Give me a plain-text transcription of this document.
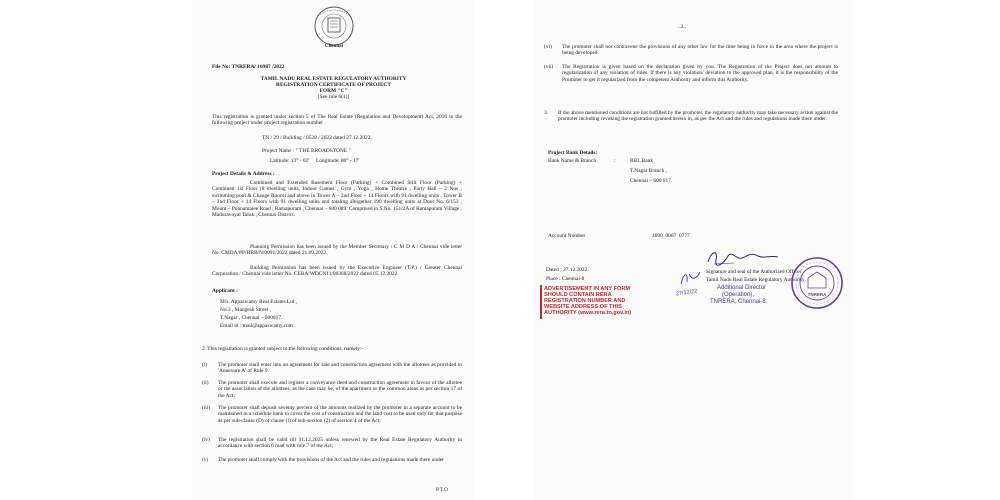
Chennai
File No: TNRERA/ 16987 /2022
TAMIL NADU REAL ESTATE REGULATORY AUTHORITY
REGISTRATION CERTIFICATE OF PROJECT
FORM "C"
[See rule 6(1)]
This registration is granted under section 5 of The Real Estate (Regulation and Development) Act, 2016 to the following project under project registration number
TN / 29 / Building / 0528 / 2022 dated 27.12.2022.
Project Name : " THE BROADSTONE "
Latitude: 13° - 02'     Longitude: 80° - 17'
Project Details & Address :
Combined and Extended Basement Floor (Parking) + Combined Stilt Floor (Parking) + Combined 1st Floor (8 dwelling units, Indoor Games , Gym , Yoga , Home Theatre , Party Hall – 2 Nos , swimming pool & Change Room) and above in Tower A – 2nd Floor + 14 Floors with 91 dwelling units , Tower B – 2nd Floor + 14 Floors with 91 dwelling units and totaling altogether 190 dwelling units at Door No. 6/153 , Mount – Poonamalee Road , Ramapuram , Chennai – 600 089. Comprised in S.No. 151/2A of Ramapuram Village , Maduravoyal Taluk , Chennai District.
Planning Permission has been issued by the Member Secretary / C M D A / Chennai vide letter No. CMDA/PP/HRB/N/0091/2022 dated 21.09.2022.
Building Permission has been issued by the Executive Engineer (T.P.) / Greater Chennai Corporation / Chennai vide letter No. CEBA/WDCN11/00368/2022 dated 05.12.2022.
Applicant :
M/s. Appaswamy Real Estates Ltd ,
No.3 , Mangesh Street ,
T.Nagar , Chennai – 600017.
Email id : mail@appaswamy.com
2. This registration is granted subject to the following conditions, namely:-
(i)	The promoter shall enter into an agreement for sale and construction agreement with the allottees as provided in 'Annexure A' of Rule 9.
(ii)	The promoter shall execute and register a conveyance deed and construction agreement in favour of the allottee or the association of the allottees, as the case may be, of the apartment or the common areas as per section 17 of the Act;
(iii)	The promoter shall deposit seventy percent of the amounts realized by the promoter in a separate account to be maintained in a schedule bank to cover the cost of construction and the land cost to be used only for that purpose as per sub-clause (D) of clause (l) of sub-section (2) of section 4 of the Act;
(iv)	The registration shall be valid till 31.12.2025 unless renewed by the Real Estate Regulatory Authority in accordance with section 6 read with rule 7 of the Act;
(v)	The promoter shall comply with the provisions of the Act and the rules and regulations made there under
P.T.O
..2..
(vi)	The promoter shall not contravene the provisions of any other law for the time being in force in the area where the project is being developed.
(vii)	The Registration is given based on the declaration given by you. The Registration of the Project does not amount to regularization of any violation of rules. If there is any violation/ deviation to the approved plan, it is the responsibility of the Promoter to get it regularized from the competent Authority and inform this Authority.
3.	If the above mentioned conditions are not fulfilled by the promoter, the regulatory authority may take necessary action against the promoter including revoking the registration granted herein in, as per the Act and the rules and regulations made there under.
Project Bank Details:
Bank Name & Branch	:	RBL Bank
T.Nagar Branch ,
Chennai – 600 017.
Account Number	4090  0067  0777
Dated : 27.12.2022.
Place : Chennai-8
ADVERTISEMENT IN ANY FORM
SHOULD CONTAIN RERA
REGISTRATION NUMBER AND
WEBSITE ADDRESS OF THIS
AUTHORITY (www.rera.tn.gov.in)
Signature and seal of the Authorized Officer
Tamil Nadu Real Estate Regulatory Authority
Additional Director
(Operation),
TNRERA, Chennai-8.
27/12/22	TNRERA
